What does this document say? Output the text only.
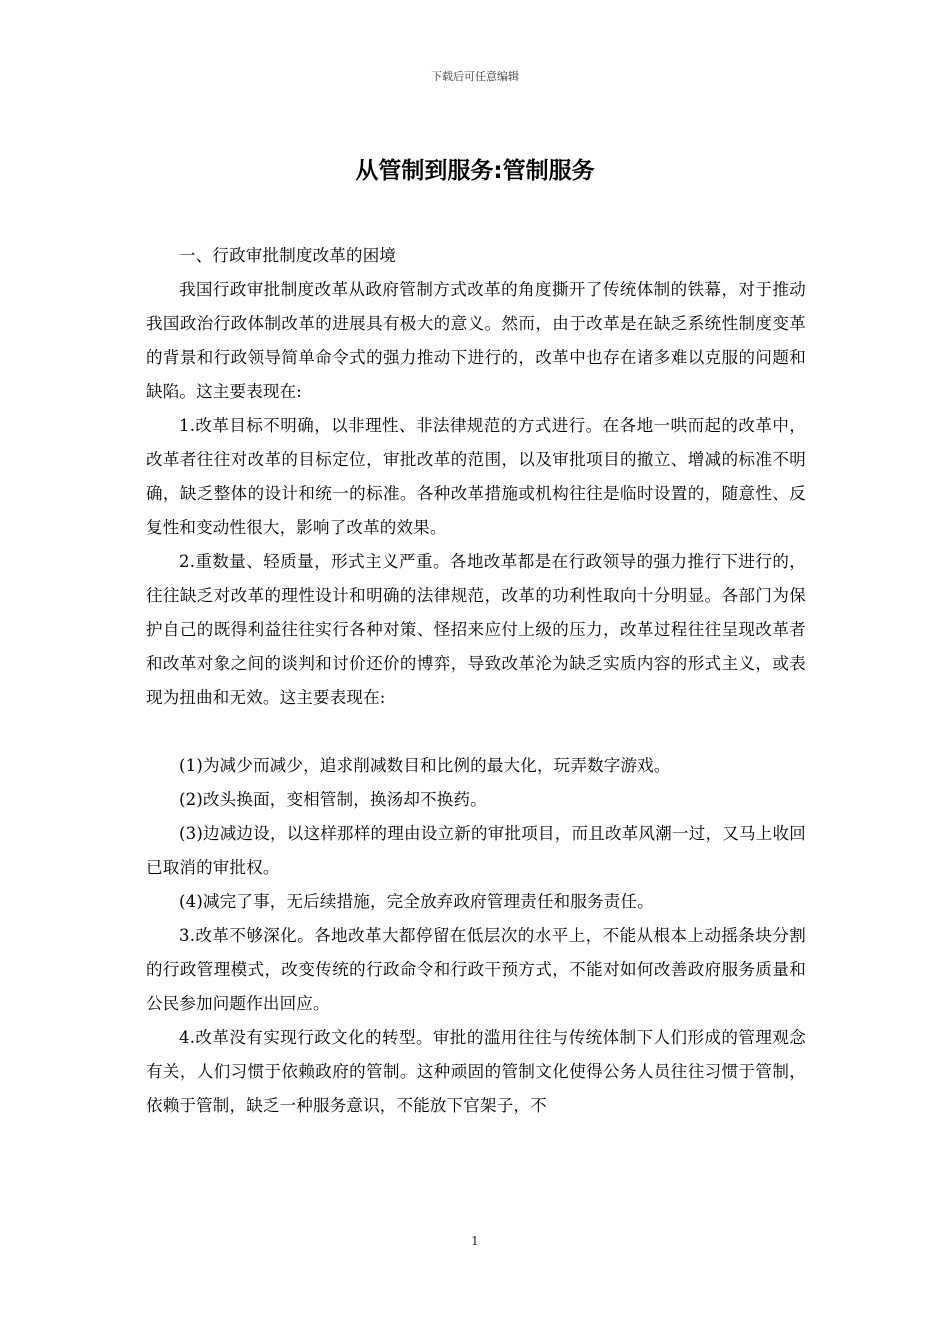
下载后可任意编辑
从管制到服务:管制服务

一、行政审批制度改革的困境

我国行政审批制度改革从政府管制方式改革的角度撕开了传统体制的铁幕，对于推动我国政治行政体制改革的进展具有极大的意义。然而，由于改革是在缺乏系统性制度变革的背景和行政领导简单命令式的强力推动下进行的，改革中也存在诸多难以克服的问题和缺陷。这主要表现在:

1.改革目标不明确，以非理性、非法律规范的方式进行。在各地一哄而起的改革中，改革者往往对改革的目标定位，审批改革的范围，以及审批项目的撤立、增减的标准不明确，缺乏整体的设计和统一的标准。各种改革措施或机构往往是临时设置的，随意性、反复性和变动性很大，影响了改革的效果。

2.重数量、轻质量，形式主义严重。各地改革都是在行政领导的强力推行下进行的，往往缺乏对改革的理性设计和明确的法律规范，改革的功利性取向十分明显。各部门为保护自己的既得利益往往实行各种对策、怪招来应付上级的压力，改革过程往往呈现改革者和改革对象之间的谈判和讨价还价的博弈，导致改革沦为缺乏实质内容的形式主义，或表现为扭曲和无效。这主要表现在:

(1)为减少而减少，追求削减数目和比例的最大化，玩弄数字游戏。

(2)改头换面，变相管制，换汤却不换药。

(3)边减边设，以这样那样的理由设立新的审批项目，而且改革风潮一过，又马上收回已取消的审批权。

(4)减完了事，无后续措施，完全放弃政府管理责任和服务责任。

3.改革不够深化。各地改革大都停留在低层次的水平上，不能从根本上动摇条块分割的行政管理模式，改变传统的行政命令和行政干预方式，不能对如何改善政府服务质量和公民参加问题作出回应。

4.改革没有实现行政文化的转型。审批的滥用往往与传统体制下人们形成的管理观念有关，人们习惯于依赖政府的管制。这种顽固的管制文化使得公务人员往往习惯于管制，依赖于管制，缺乏一种服务意识，不能放下官架子，不

1
